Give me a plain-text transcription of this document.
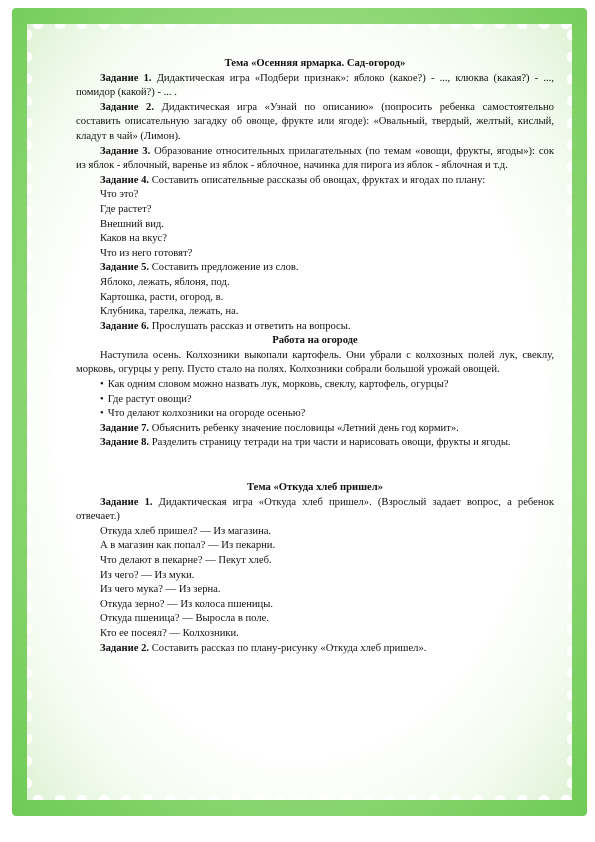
Тема «Осенняя ярмарка. Сад-огород»

Задание 1. Дидактическая игра «Подбери признак»: яблоко (какое?) - ..., клюква (какая?) - ..., помидор (какой?) - ... .

Задание 2. Дидактическая игра «Узнай по описанию» (попросить ребенка самостоятельно составить описательную загадку об овоще, фрукте или ягоде): «Овальный, твердый, желтый, кислый, кладут в чай» (Лимон).

Задание 3. Образование относительных прилагательных (по темам «овощи, фрукты, ягоды»): сок из яблок - яблочный, варенье из яблок - яблочное, начинка для пирога из яблок - яблочная и т.д.

Задание 4. Составить описательные рассказы об овощах, фруктах и ягодах по плану:

Что это?

Где растет?

Внешний вид.

Каков на вкус?

Что из него готовят?

Задание 5. Составить предложение из слов.

Яблоко, лежать, яблоня, под.

Картошка, расти, огород, в.

Клубника, тарелка, лежать, на.

Задание 6. Прослушать рассказ и ответить на вопросы.

Работа на огороде

Наступила осень. Колхозники выкопали картофель. Они убрали с колхозных полей лук, свеклу, морковь, огурцы у репу. Пусто стало на полях. Колхозники собрали большой урожай овощей.

• Как одним словом можно назвать лук, морковь, свеклу, картофель, огурцы?

• Где растут овощи?

• Что делают колхозники на огороде осенью?

Задание 7. Объяснить ребенку значение пословицы «Летний день год кормит».

Задание 8. Разделить страницу тетради на три части и нарисовать овощи, фрукты и ягоды.

Тема «Откуда хлеб пришел»

Задание 1. Дидактическая игра «Откуда хлеб пришел». (Взрослый задает вопрос, а ребенок отвечает.)

Откуда хлеб пришел? — Из магазина.

А в магазин как попал? — Из пекарни.

Что делают в пекарне? — Пекут хлеб.

Из чего? — Из муки.

Из чего мука? — Из зерна.

Откуда зерно? — Из колоса пшеницы.

Откуда пшеница? — Выросла в поле.

Кто ее посеял? — Колхозники.

Задание 2. Составить рассказ по плану-рисунку «Откуда хлеб пришел».
